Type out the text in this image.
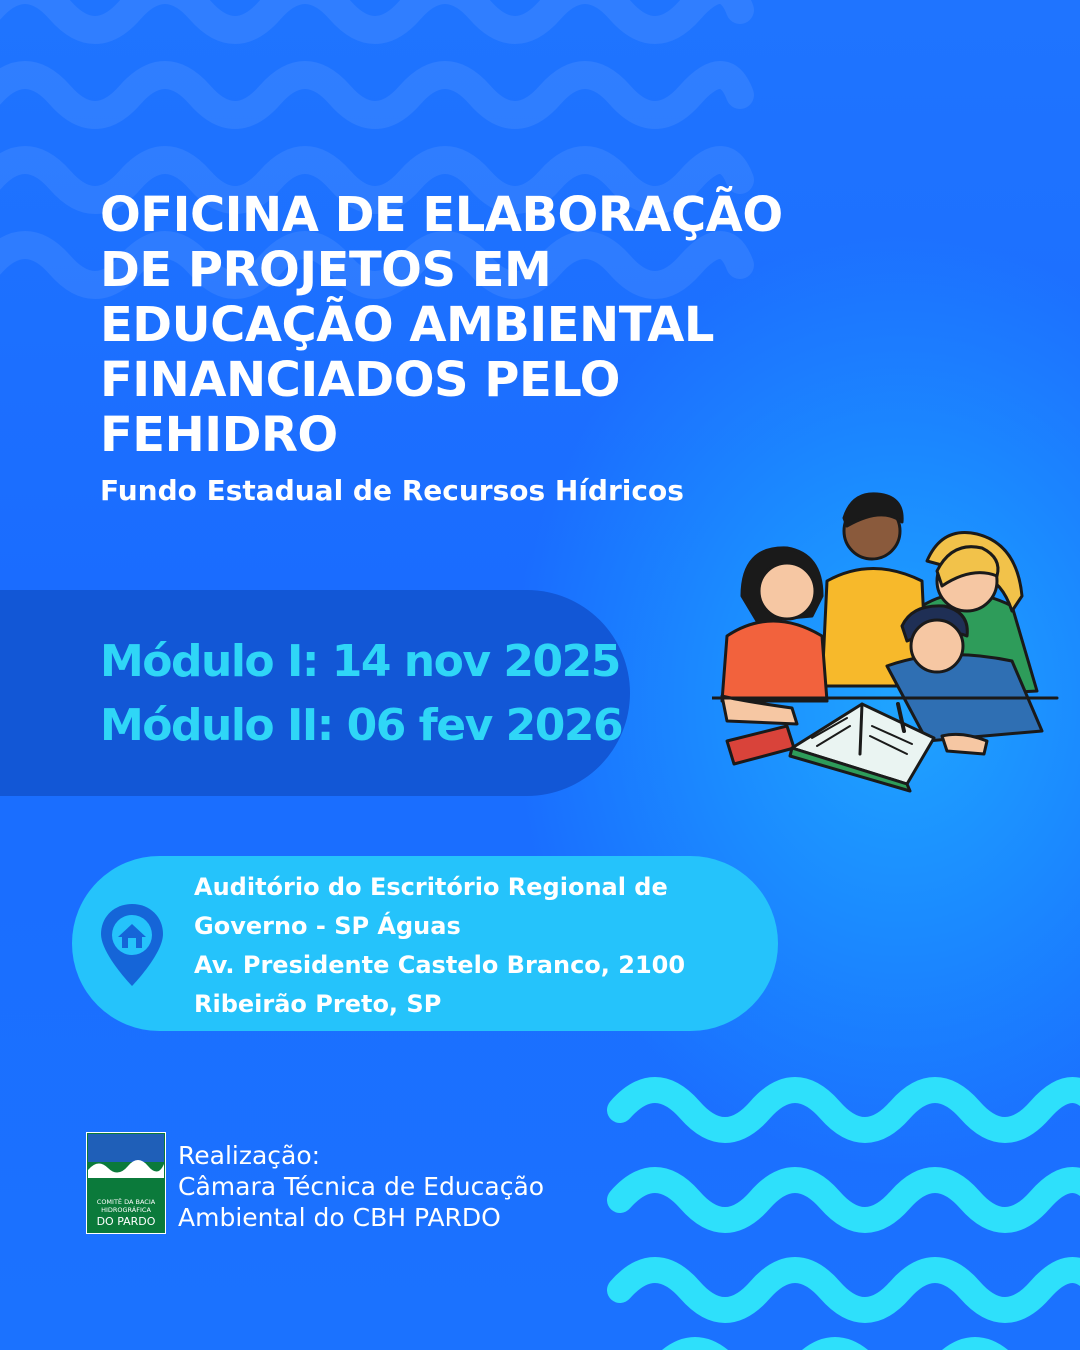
OFICINA DE ELABORAÇÃO
DE PROJETOS EM
EDUCAÇÃO AMBIENTAL
FINANCIADOS PELO
FEHIDRO

Fundo Estadual de Recursos Hídricos

Módulo I: 14 nov 2025

Módulo II: 06 fev 2026

Auditório do Escritório Regional de
Governo - SP Águas
Av. Presidente Castelo Branco, 2100
Ribeirão Preto, SP
COMITÊ DA BACIA
HIDROGRÁFICA
DO PARDO
Realização:
Câmara Técnica de Educação
Ambiental do CBH PARDO
